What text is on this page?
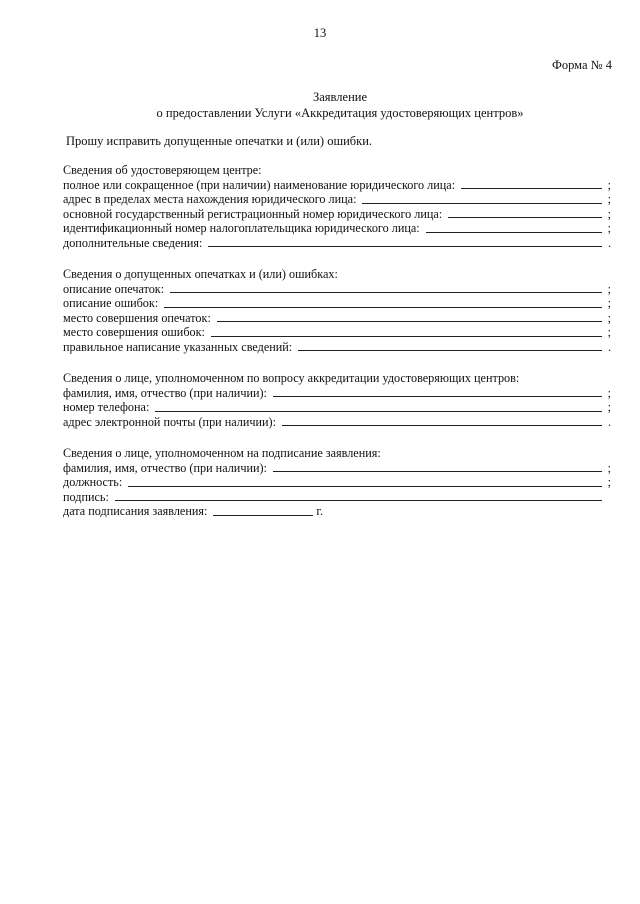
13
Форма № 4
Заявление
о предоставлении Услуги «Аккредитация удостоверяющих центров»
Прошу исправить допущенные опечатки и (или) ошибки.
Сведения об удостоверяющем центре:
полное или сокращенное (при наличии) наименование юридического лица:	;
адрес в пределах места нахождения юридического лица:	;
основной государственный регистрационный номер юридического лица:	;
идентификационный номер налогоплательщика юридического лица:	;
дополнительные сведения:	.
Сведения о допущенных опечатках и (или) ошибках:
описание опечаток:	;
описание ошибок:	;
место совершения опечаток:	;
место совершения ошибок:	;
правильное написание указанных сведений:	.
Сведения о лице, уполномоченном по вопросу аккредитации удостоверяющих центров:
фамилия, имя, отчество (при наличии):	;
номер телефона:	;
адрес электронной почты (при наличии):	.
Сведения о лице, уполномоченном на подписание заявления:
фамилия, имя, отчество (при наличии):	;
должность:	;
подпись:
дата подписания заявления:	г.
